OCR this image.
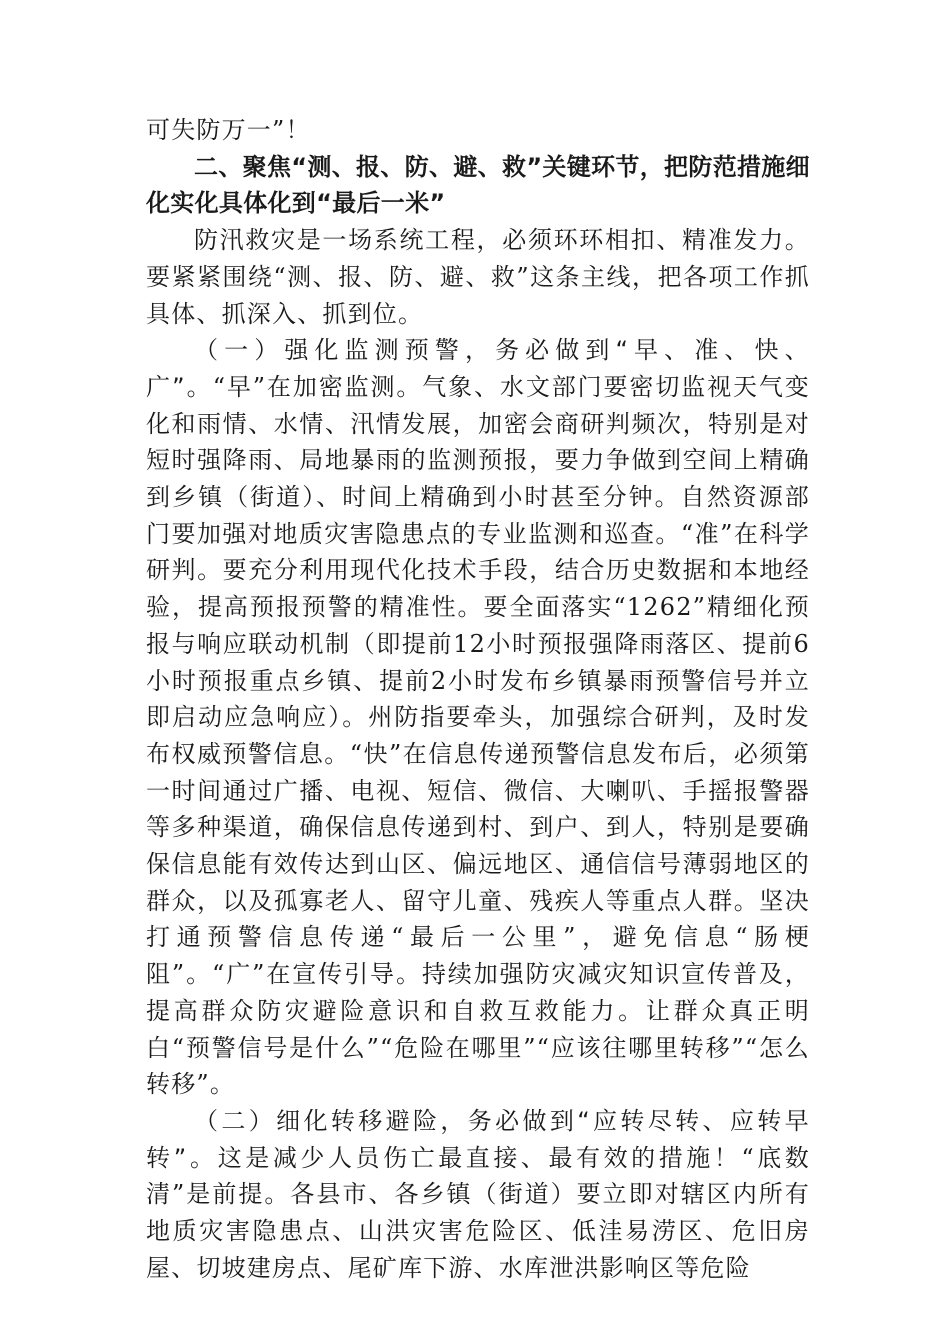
可失防万一”！

二、聚焦“测、报、防、避、救”关键环节，把防范措施细化实化具体化到“最后一米”

防汛救灾是一场系统工程，必须环环相扣、精准发力。要紧紧围绕“测、报、防、避、救”这条主线，把各项工作抓具体、抓深入、抓到位。

（一）强化监测预警，务必做到“早、准、快、广”。“早”在加密监测。气象、水文部门要密切监视天气变化和雨情、水情、汛情发展，加密会商研判频次，特别是对短时强降雨、局地暴雨的监测预报，要力争做到空间上精确到乡镇（街道）、时间上精确到小时甚至分钟。自然资源部门要加强对地质灾害隐患点的专业监测和巡查。“准”在科学研判。要充分利用现代化技术手段，结合历史数据和本地经验，提高预报预警的精准性。要全面落实“1262”精细化预报与响应联动机制（即提前12小时预报强降雨落区、提前6小时预报重点乡镇、提前2小时发布乡镇暴雨预警信号并立即启动应急响应）。州防指要牵头，加强综合研判，及时发布权威预警信息。“快”在信息传递预警信息发布后，必须第一时间通过广播、电视、短信、微信、大喇叭、手摇报警器等多种渠道，确保信息传递到村、到户、到人，特别是要确保信息能有效传达到山区、偏远地区、通信信号薄弱地区的群众，以及孤寡老人、留守儿童、残疾人等重点人群。坚决打通预警信息传递“最后一公里”，避免信息“肠梗阻”。“广”在宣传引导。持续加强防灾减灾知识宣传普及，提高群众防灾避险意识和自救互救能力。让群众真正明白“预警信号是什么”“危险在哪里”“应该往哪里转移”“怎么转移”。

（二）细化转移避险，务必做到“应转尽转、应转早转”。这是减少人员伤亡最直接、最有效的措施！“底数清”是前提。各县市、各乡镇（街道）要立即对辖区内所有地质灾害隐患点、山洪灾害危险区、低洼易涝区、危旧房屋、切坡建房点、尾矿库下游、水库泄洪影响区等危险
